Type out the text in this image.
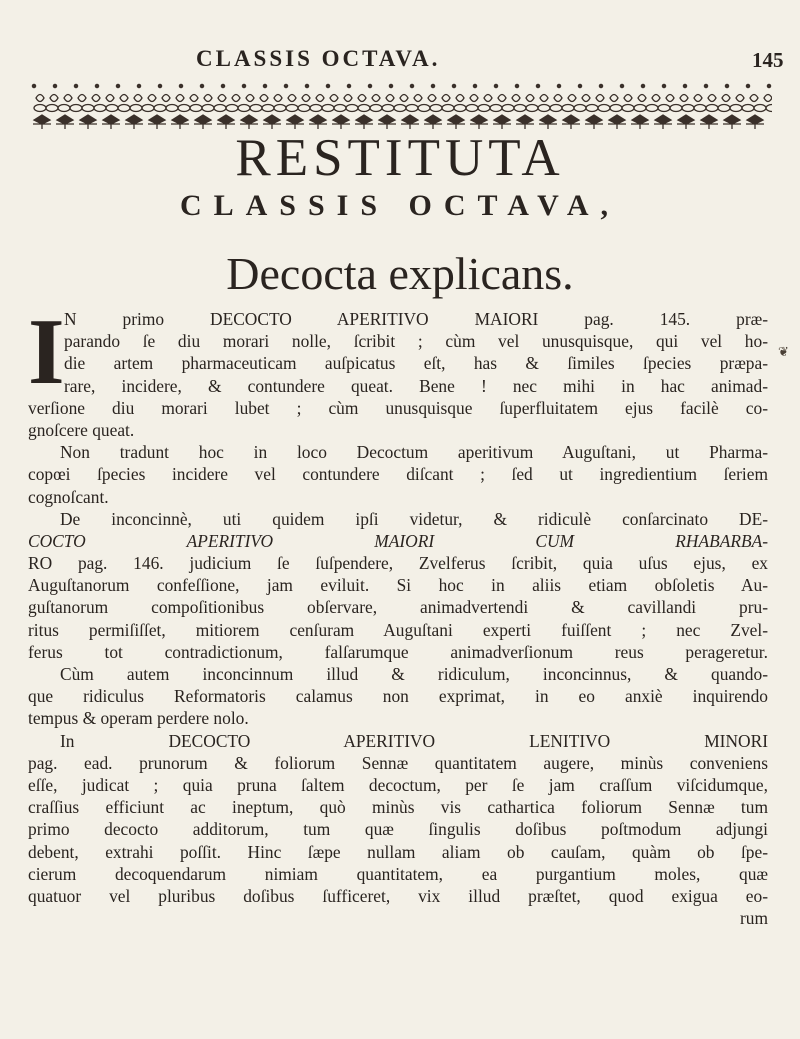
CLASSIS OCTAVA.	145
RESTITUTA
CLASSIS OCTAVA,
Decocta explicans.
I	❦
N primo DECOCTO APERITIVO MAIORI pag. 145. præ-
parando ſe diu morari nolle, ſcribit ; cùm vel unusquisque, qui vel ho-
die artem pharmaceuticam auſpicatus eſt, has & ſimiles ſpecies præpa-
rare, incidere, & contundere queat. Bene ! nec mihi in hac animad-
verſione diu morari lubet ; cùm unusquisque ſuperfluitatem ejus facilè co-
gnoſcere queat.
Non tradunt hoc in loco Decoctum aperitivum Auguſtani, ut Pharma-
copœi ſpecies incidere vel contundere diſcant ; ſed ut ingredientium ſeriem
cognoſcant.
De inconcinnè, uti quidem ipſi videtur, & ridiculè conſarcinato DE-
COCTO APERITIVO MAIORI CUM RHABARBA-
RO pag. 146. judicium ſe ſuſpendere, Zvelferus ſcribit, quia uſus ejus, ex
Auguſtanorum confeſſione, jam eviluit. Si hoc in aliis etiam obſoletis Au-
guſtanorum compoſitionibus obſervare, animadvertendi & cavillandi pru-
ritus permiſiſſet, mitiorem cenſuram Auguſtani experti fuiſſent ; nec Zvel-
ferus tot contradictionum, falſarumque animadverſionum reus perageretur.
Cùm autem inconcinnum illud & ridiculum, inconcinnus, & quando-
que ridiculus Reformatoris calamus non exprimat, in eo anxiè inquirendo
tempus & operam perdere nolo.
In DECOCTO APERITIVO LENITIVO MINORI
pag. ead. prunorum & foliorum Sennæ quantitatem augere, minùs conveniens
eſſe, judicat ; quia pruna ſaltem decoctum, per ſe jam craſſum viſcidumque,
craſſius efficiunt ac ineptum, quò minùs vis cathartica foliorum Sennæ tum
primo decocto additorum, tum quæ ſingulis doſibus poſtmodum adjungi
debent, extrahi poſſit. Hinc ſæpe nullam aliam ob cauſam, quàm ob ſpe-
cierum decoquendarum nimiam quantitatem, ea purgantium moles, quæ
quatuor vel pluribus doſibus ſufficeret, vix illud præſtet, quod exigua eo-
rum
